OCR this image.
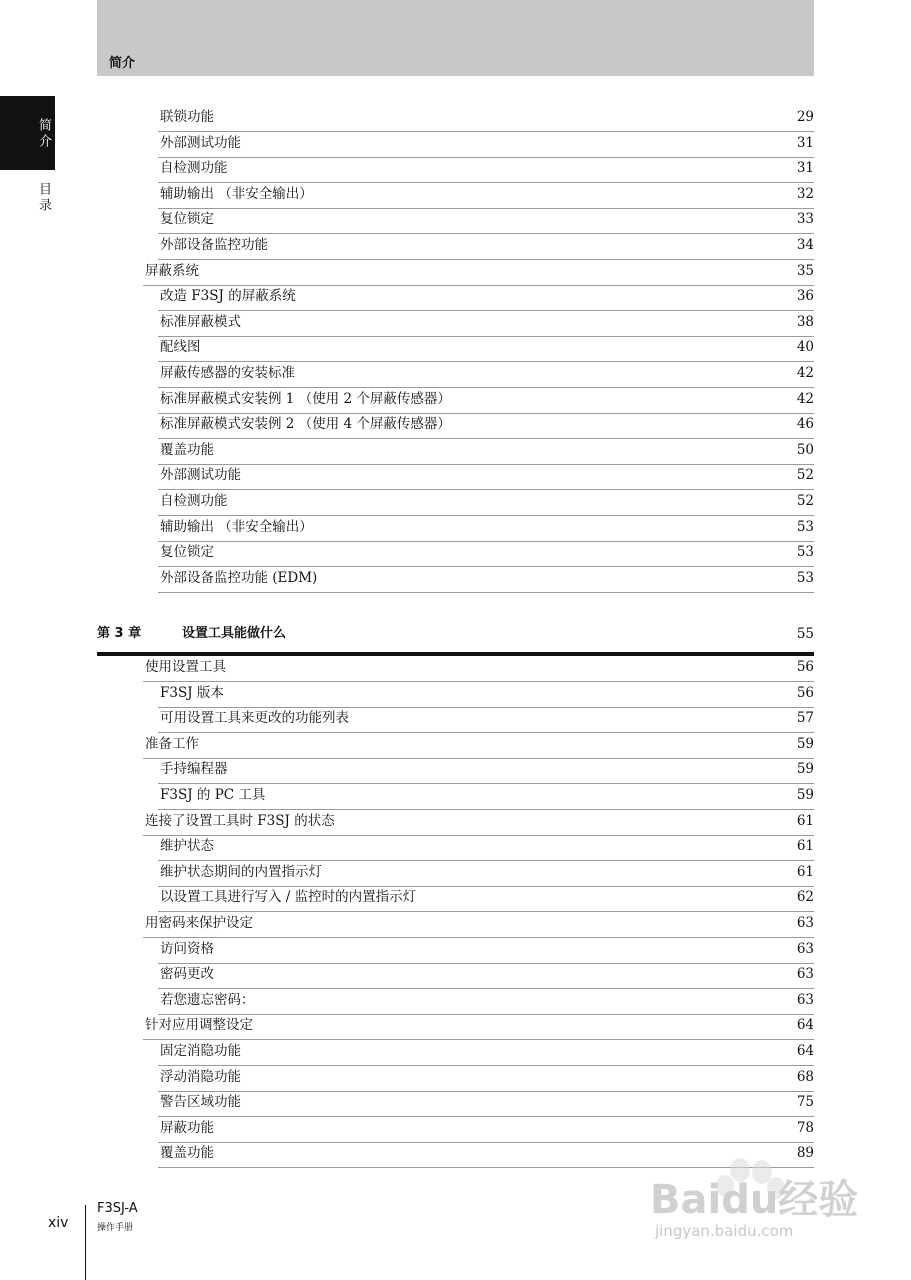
简介
简介
目录
联锁功能	29
外部测试功能	31
自检测功能	31
辅助输出 （非安全输出）	32
复位锁定	33
外部设备监控功能	34
屏蔽系统	35
改造 F3SJ 的屏蔽系统	36
标准屏蔽模式	38
配线图	40
屏蔽传感器的安装标准	42
标准屏蔽模式安装例 1 （使用 2 个屏蔽传感器）	42
标准屏蔽模式安装例 2 （使用 4 个屏蔽传感器）	46
覆盖功能	50
外部测试功能	52
自检测功能	52
辅助输出 （非安全输出）	53
复位锁定	53
外部设备监控功能 (EDM)	53
第 3 章	设置工具能做什么	55
使用设置工具	56
F3SJ 版本	56
可用设置工具来更改的功能列表	57
准备工作	59
手持编程器	59
F3SJ 的 PC 工具	59
连接了设置工具时 F3SJ 的状态	61
维护状态	61
维护状态期间的内置指示灯	61
以设置工具进行写入 / 监控时的内置指示灯	62
用密码来保护设定	63
访问资格	63
密码更改	63
若您遗忘密码：	63
针对应用调整设定	64
固定消隐功能	64
浮动消隐功能	68
警告区域功能	75
屏蔽功能	78
覆盖功能	89
xiv
F3SJ-A
操作手册
Baidu经验
jingyan.baidu.com
